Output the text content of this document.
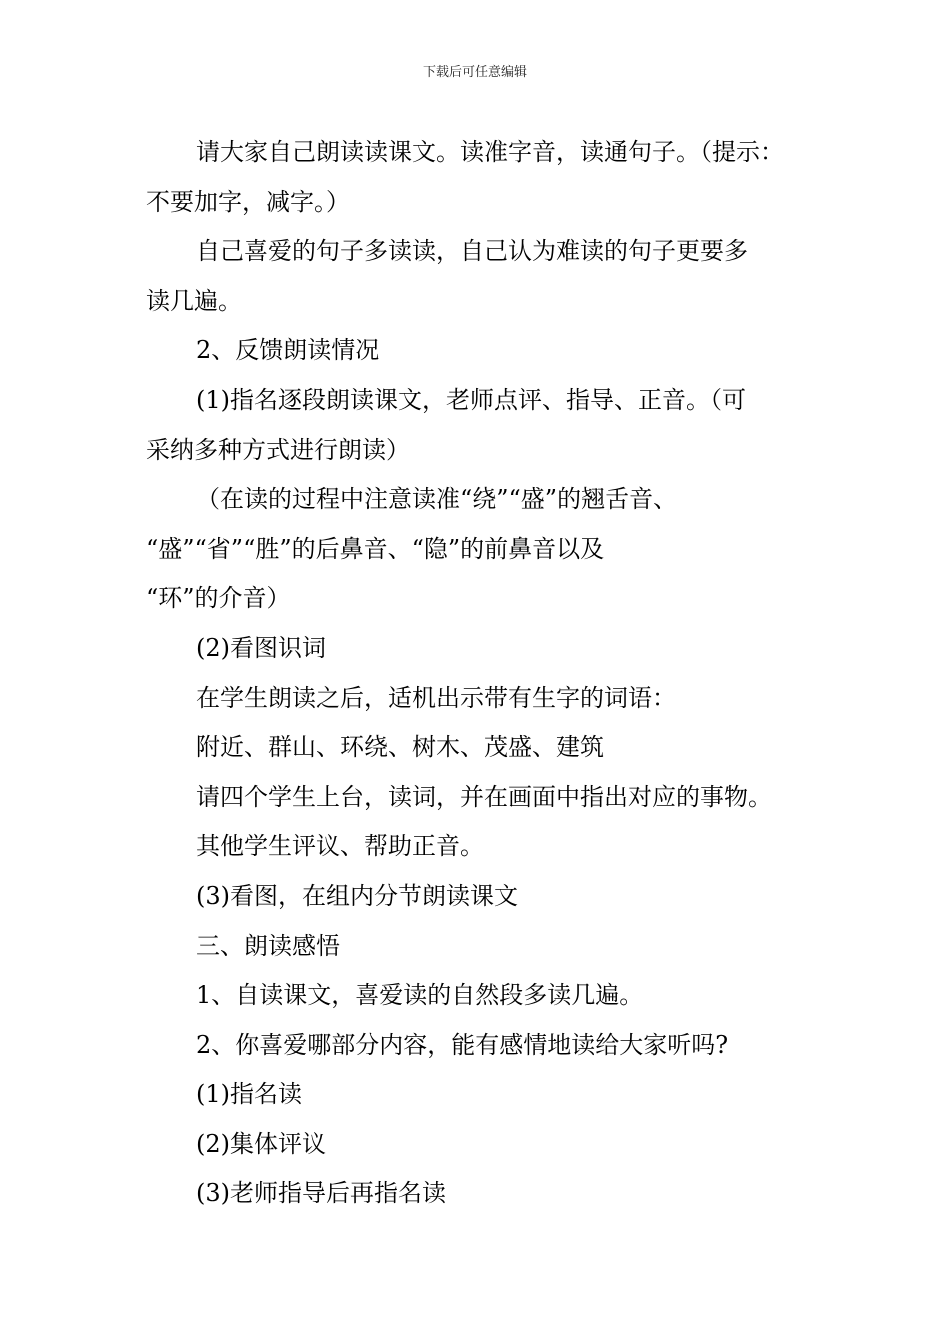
下载后可任意编辑

请大家自己朗读读课文。读准字音，读通句子。（提示：

不要加字，减字。）

自己喜爱的句子多读读，自己认为难读的句子更要多

读几遍。

2、反馈朗读情况

(1)指名逐段朗读课文，老师点评、指导、正音。（可

采纳多种方式进行朗读）

（在读的过程中注意读准“绕”“盛”的翘舌音、

“盛”“省”“胜”的后鼻音、“隐”的前鼻音以及

“环”的介音）

(2)看图识词

在学生朗读之后，适机出示带有生字的词语：

附近、群山、环绕、树木、茂盛、建筑

请四个学生上台，读词，并在画面中指出对应的事物。

其他学生评议、帮助正音。

(3)看图，在组内分节朗读课文

三、朗读感悟

1、自读课文，喜爱读的自然段多读几遍。

2、你喜爱哪部分内容，能有感情地读给大家听吗?

(1)指名读

(2)集体评议

(3)老师指导后再指名读
